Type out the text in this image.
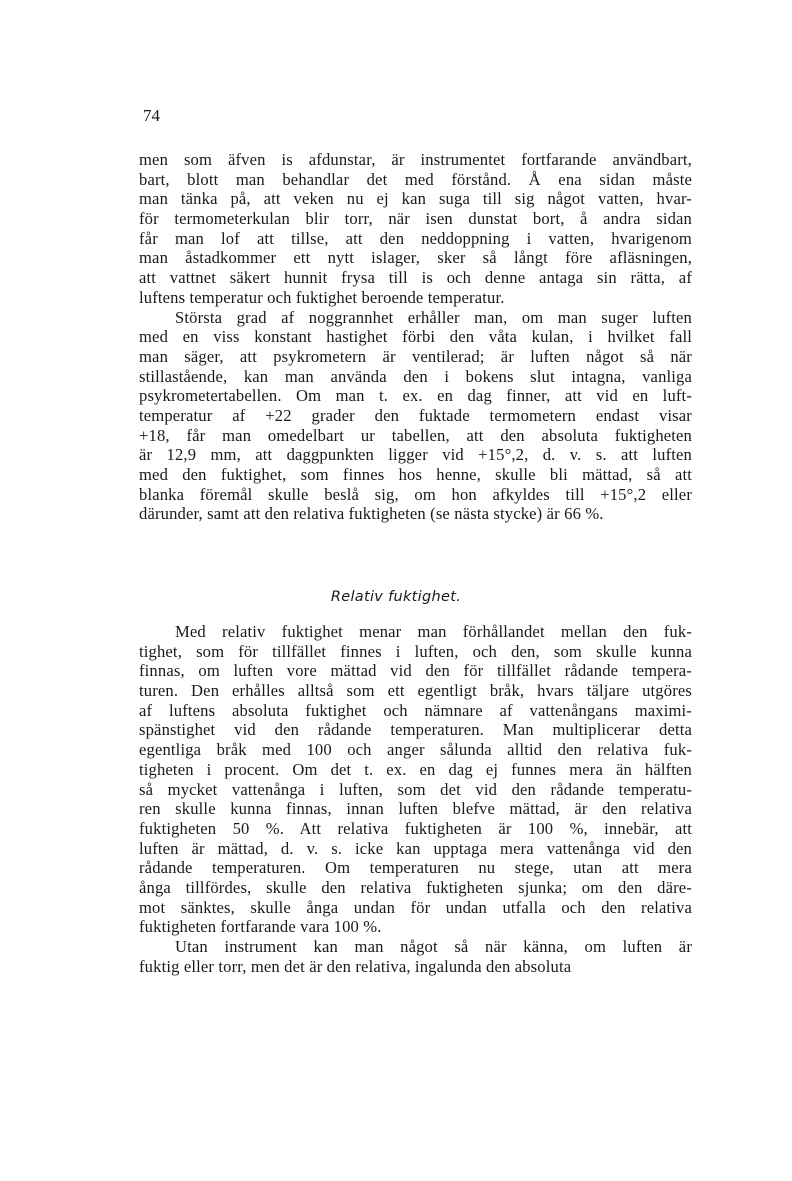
74
men som äfven is afdunstar, är instrumentet fortfarande användbart,
bart, blott man behandlar det med förstånd. Å ena sidan måste
man tänka på, att veken nu ej kan suga till sig något vatten, hvar-
för termometerkulan blir torr, när isen dunstat bort, å andra sidan
får man lof att tillse, att den neddoppning i vatten, hvarigenom
man åstadkommer ett nytt islager, sker så långt före afläsningen,
att vattnet säkert hunnit frysa till is och denne antaga sin rätta, af
luftens temperatur och fuktighet beroende temperatur.
Största grad af noggrannhet erhåller man, om man suger luften
med en viss konstant hastighet förbi den våta kulan, i hvilket fall
man säger, att psykrometern är ventilerad; är luften något så när
stillastående, kan man använda den i bokens slut intagna, vanliga
psykrometertabellen. Om man t. ex. en dag finner, att vid en luft-
temperatur af +22 grader den fuktade termometern endast visar
+18, får man omedelbart ur tabellen, att den absoluta fuktigheten
är 12,9 mm, att daggpunkten ligger vid +15°,2, d. v. s. att luften
med den fuktighet, som finnes hos henne, skulle bli mättad, så att
blanka föremål skulle beslå sig, om hon afkyldes till +15°,2 eller
därunder, samt att den relativa fuktigheten (se nästa stycke) är 66 %.
Relativ fuktighet.
Med relativ fuktighet menar man förhållandet mellan den fuk-
tighet, som för tillfället finnes i luften, och den, som skulle kunna
finnas, om luften vore mättad vid den för tillfället rådande tempera-
turen. Den erhålles alltså som ett egentligt bråk, hvars täljare utgöres
af luftens absoluta fuktighet och nämnare af vattenångans maximi-
spänstighet vid den rådande temperaturen. Man multiplicerar detta
egentliga bråk med 100 och anger sålunda alltid den relativa fuk-
tigheten i procent. Om det t. ex. en dag ej funnes mera än hälften
så mycket vattenånga i luften, som det vid den rådande temperatu-
ren skulle kunna finnas, innan luften blefve mättad, är den relativa
fuktigheten 50 %. Att relativa fuktigheten är 100 %, innebär, att
luften är mättad, d. v. s. icke kan upptaga mera vattenånga vid den
rådande temperaturen. Om temperaturen nu stege, utan att mera
ånga tillfördes, skulle den relativa fuktigheten sjunka; om den däre-
mot sänktes, skulle ånga undan för undan utfalla och den relativa
fuktigheten fortfarande vara 100 %.
Utan instrument kan man något så när känna, om luften är
fuktig eller torr, men det är den relativa, ingalunda den absoluta
